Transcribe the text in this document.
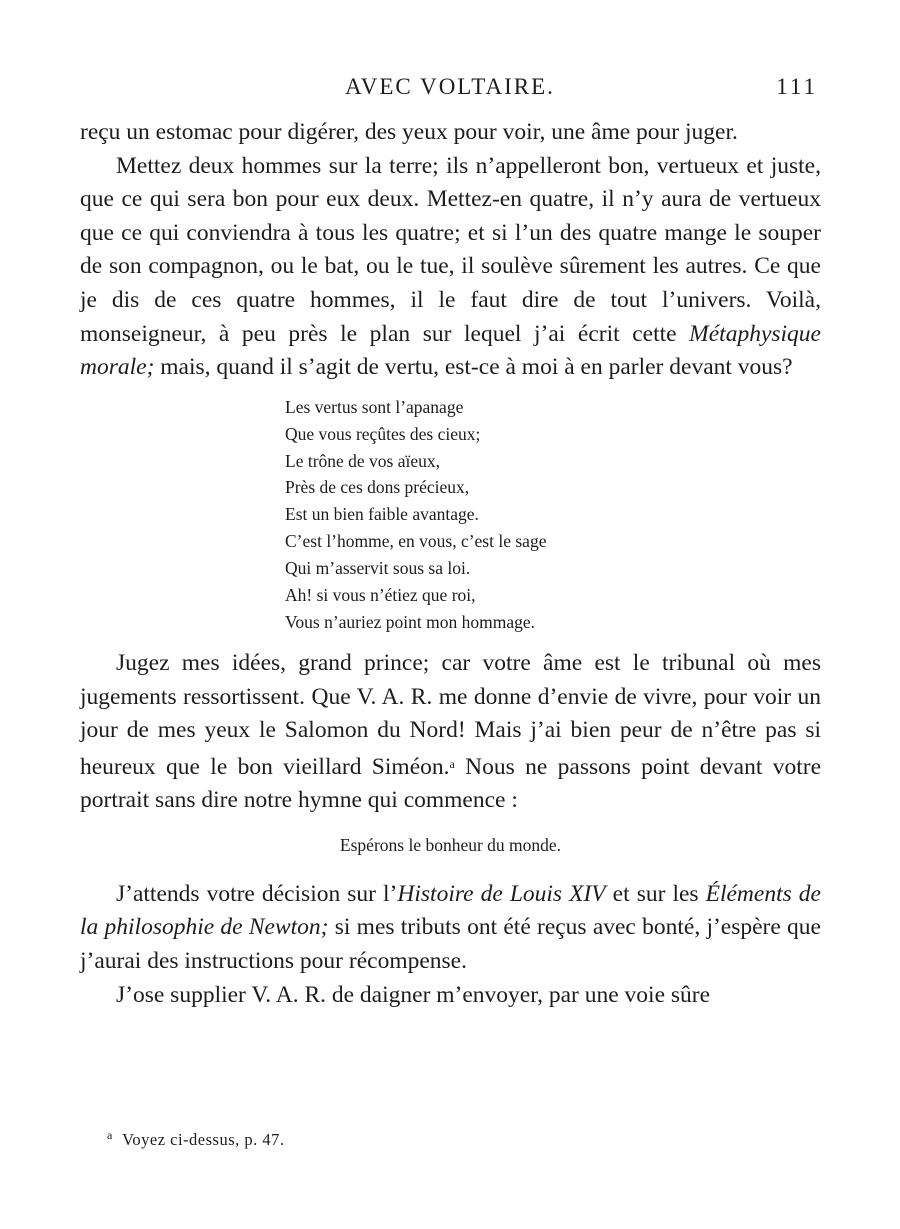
AVEC VOLTAIRE.	111

reçu un estomac pour digérer, des yeux pour voir, une âme pour juger.

Mettez deux hommes sur la terre; ils n’appelleront bon, vertueux et juste, que ce qui sera bon pour eux deux. Mettez-en quatre, il n’y aura de vertueux que ce qui conviendra à tous les quatre; et si l’un des quatre mange le souper de son compagnon, ou le bat, ou le tue, il soulève sûrement les autres. Ce que je dis de ces quatre hommes, il le faut dire de tout l’univers. Voilà, monseigneur, à peu près le plan sur lequel j’ai écrit cette Métaphysique morale; mais, quand il s’agit de vertu, est-ce à moi à en parler devant vous?

Les vertus sont l’apanage
Que vous reçûtes des cieux;
Le trône de vos aïeux,
Près de ces dons précieux,
Est un bien faible avantage.
C’est l’homme, en vous, c’est le sage
Qui m’asservit sous sa loi.
Ah! si vous n’étiez que roi,
Vous n’auriez point mon hommage.

Jugez mes idées, grand prince; car votre âme est le tribunal où mes jugements ressortissent. Que V. A. R. me donne d’envie de vivre, pour voir un jour de mes yeux le Salomon du Nord! Mais j’ai bien peur de n’être pas si heureux que le bon vieillard Siméon.$^a$ Nous ne passons point devant votre portrait sans dire notre hymne qui commence :

Espérons le bonheur du monde.

J’attends votre décision sur l’Histoire de Louis XIV et sur les Éléments de la philosophie de Newton; si mes tributs ont été reçus avec bonté, j’espère que j’aurai des instructions pour récompense.

J’ose supplier V. A. R. de daigner m’envoyer, par une voie sûre

$^a$ Voyez ci-dessus, p. 47.
